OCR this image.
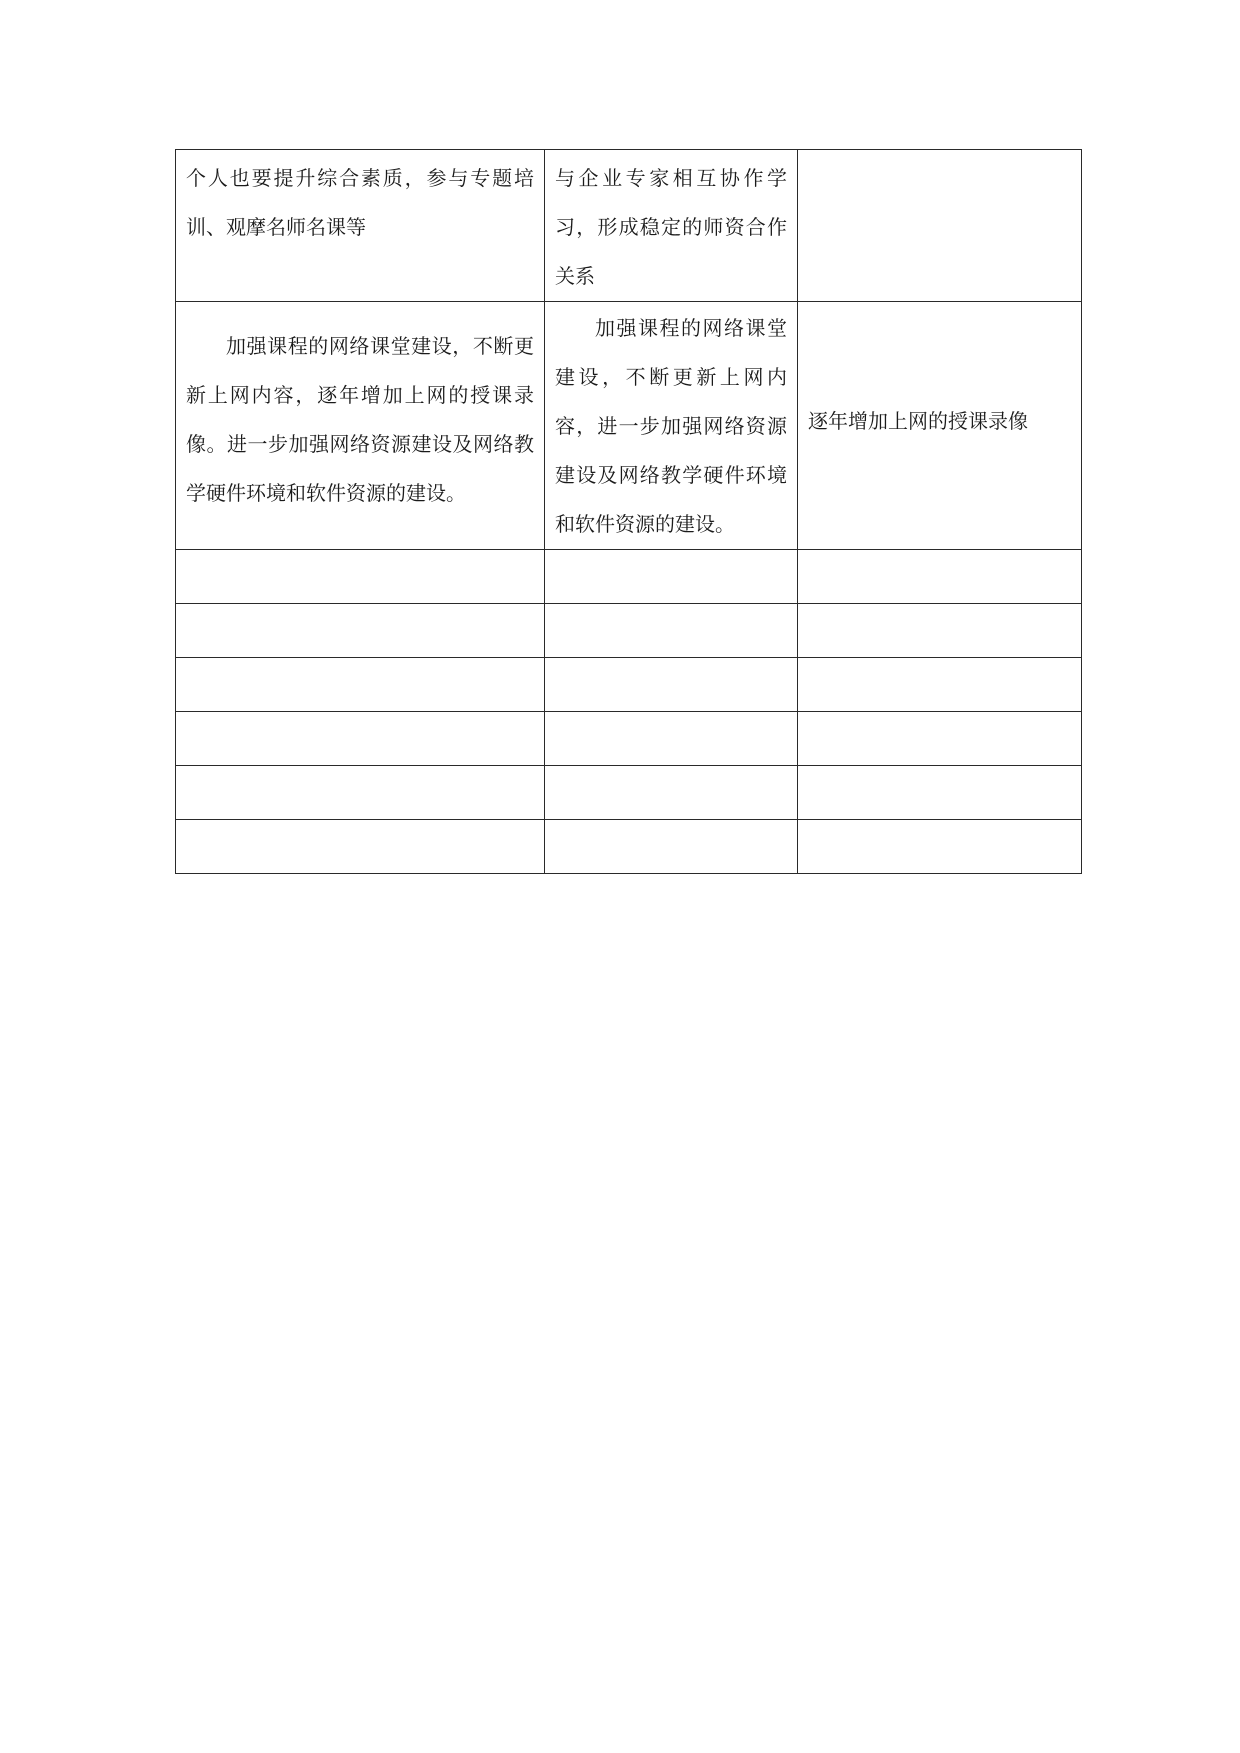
个人也要提升综合素质，参与专题培训、观摩名师名课等	与企业专家相互协作学习，形成稳定的师资合作关系	

加强课程的网络课堂建设，不断更新上网内容，逐年增加上网的授课录像。进一步加强网络资源建设及网络教学硬件环境和软件资源的建设。	加强课程的网络课堂建设，不断更新上网内容，进一步加强网络资源建设及网络教学硬件环境和软件资源的建设。	逐年增加上网的授课录像
